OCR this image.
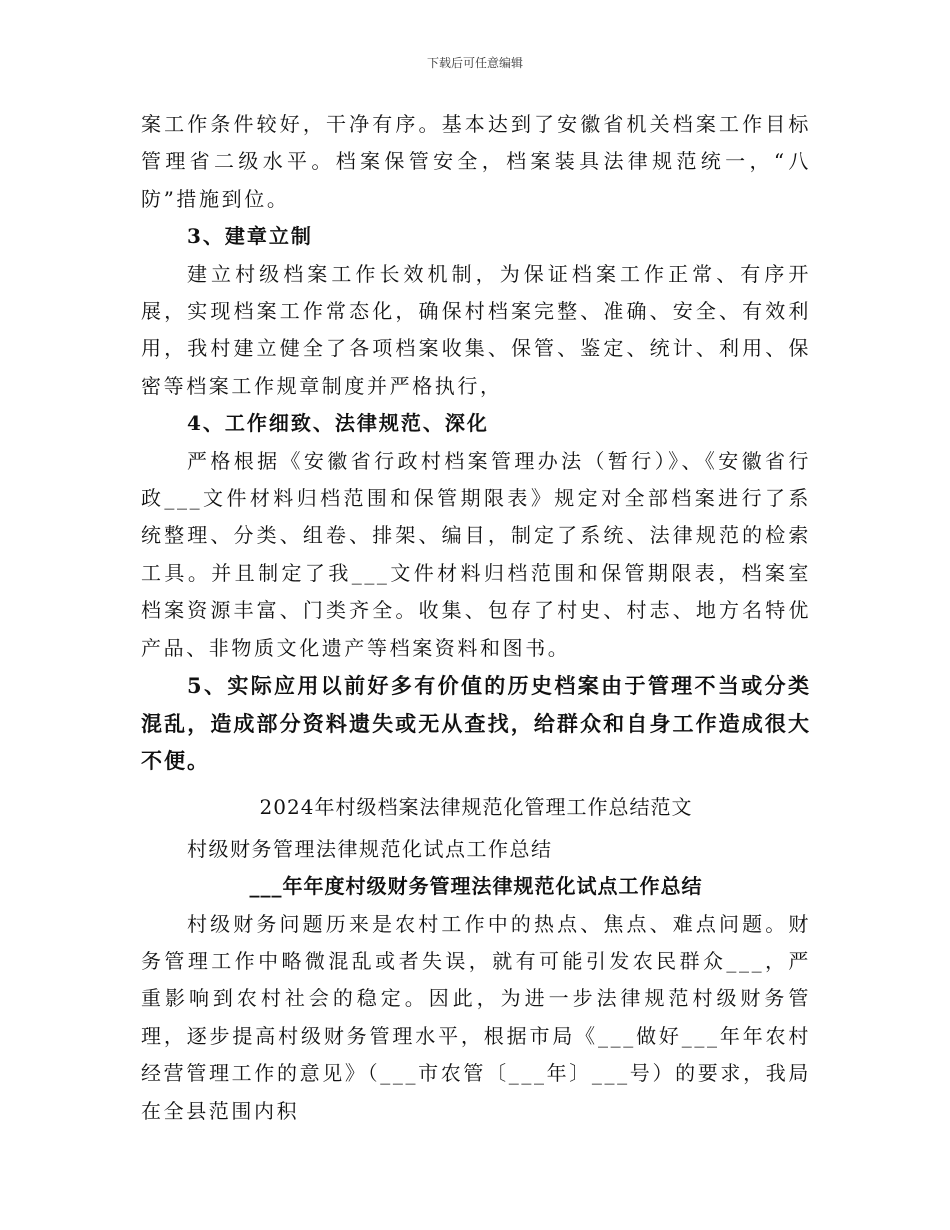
下载后可任意编辑

案工作条件较好，干净有序。基本达到了安徽省机关档案工作目标管理省二级水平。档案保管安全，档案装具法律规范统一，“八防”措施到位。

3、建章立制

建立村级档案工作长效机制，为保证档案工作正常、有序开展，实现档案工作常态化，确保村档案完整、准确、安全、有效利用，我村建立健全了各项档案收集、保管、鉴定、统计、利用、保密等档案工作规章制度并严格执行，

4、工作细致、法律规范、深化

严格根据《安徽省行政村档案管理办法（暂行）》、《安徽省行政___文件材料归档范围和保管期限表》规定对全部档案进行了系统整理、分类、组卷、排架、编目，制定了系统、法律规范的检索工具。并且制定了我___文件材料归档范围和保管期限表，档案室档案资源丰富、门类齐全。收集、包存了村史、村志、地方名特优产品、非物质文化遗产等档案资料和图书。

5、实际应用以前好多有价值的历史档案由于管理不当或分类混乱，造成部分资料遗失或无从查找，给群众和自身工作造成很大不便。

2024年村级档案法律规范化管理工作总结范文

村级财务管理法律规范化试点工作总结

___年年度村级财务管理法律规范化试点工作总结

村级财务问题历来是农村工作中的热点、焦点、难点问题。财务管理工作中略微混乱或者失误，就有可能引发农民群众___，严重影响到农村社会的稳定。因此，为进一步法律规范村级财务管理，逐步提高村级财务管理水平，根据市局《___做好___年年农村经营管理工作的意见》（___市农管〔___年〕___号）的要求，我局在全县范围内积
